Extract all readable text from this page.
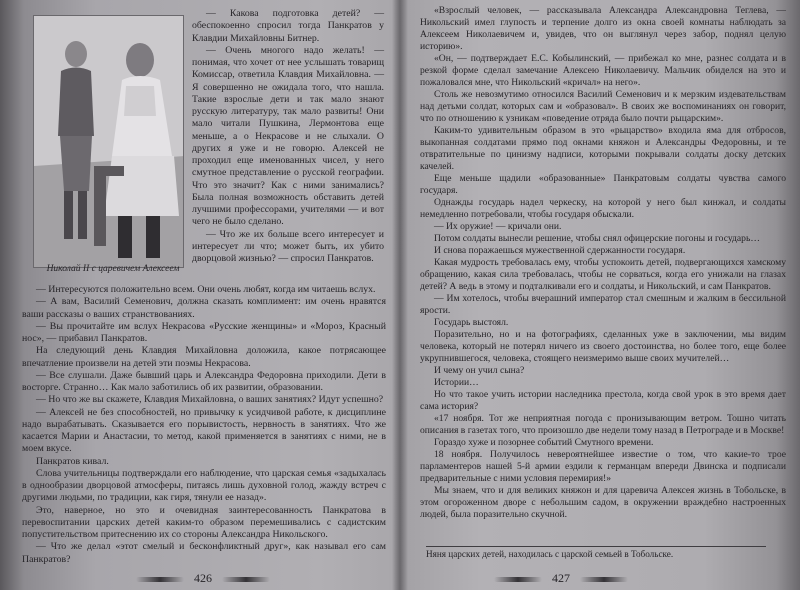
Николай II с царевичем Алексеем

— Какова подготовка детей? — обеспокоенно спросил тогда Панкратов у Клавдии Михайловны Битнер.

— Очень многого надо желать! — понимая, что хочет от нее услышать товарищ Комиссар, ответила Клавдия Михайловна. — Я совершенно не ожидала того, что нашла. Такие взрослые дети и так мало знают русскую литературу, так мало развиты! Они мало читали Пушкина, Лермонтова еще меньше, а о Некрасове и не слыхали. О других я уже и не говорю. Алексей не проходил еще именованных чисел, у него смутное представление о русской географии. Что это значит? Как с ними занимались? Была полная возможность обставить детей лучшими профессорами, учителями — и вот чего не было сделано.

— Что же их больше всего интересует и интересует ли что; может быть, их убито дворцовой жизнью? — спросил Панкратов.

— Интересуются положительно всем. Они очень любят, когда им читаешь вслух.

— А вам, Василий Семенович, должна сказать комплимент: им очень нравятся ваши рассказы о ваших странствованиях.

— Вы прочитайте им вслух Некрасова «Русские женщины» и «Мороз, Красный нос», — прибавил Панкратов.

На следующий день Клавдия Михайловна доложила, какое потрясающее впечатление произвели на детей эти поэмы Некрасова.

— Все слушали. Даже бывший царь и Александра Федоровна приходили. Дети в восторге. Странно… Как мало заботились об их развитии, образовании.

— Но что же вы скажете, Клавдия Михайловна, о ваших занятиях? Идут успешно?

— Алексей не без способностей, но привычку к усидчивой работе, к дисциплине надо вырабатывать. Сказывается его порывистость, нервность в занятиях. Что же касается Марии и Анастасии, то метод, какой применяется в занятиях с ними, не в моем вкусе.

Панкратов кивал.

Слова учительницы подтверждали его наблюдение, что царская семья «задыхалась в однообразии дворцовой атмосферы, питаясь лишь духовной голод, жажду встреч с другими людьми, по традиции, как гиря, тянули ее назад».

Это, наверное, но это и очевидная заинтересованность Панкратова в перевоспитании царских детей каким-то образом перемешивались с садистским попустительством притеснению их со стороны Александра Никольского.

— Что же делал «этот смелый и бесконфликтный друг», как называл его сам Панкратов?

426

«Взрослый человек, — рассказывала Александра Александровна Теглева, — Никольский имел глупость и терпение долго из окна своей комнаты наблюдать за Алексеем Николаевичем и, увидев, что он выглянул через забор, поднял целую историю».

«Он, — подтверждает Е.С. Кобылинский, — прибежал ко мне, разнес солдата и в резкой форме сделал замечание Алексею Николаевичу. Мальчик обиделся на это и пожаловался мне, что Никольский «кричал» на него».

Столь же невозмутимо относился Василий Семенович и к мерзким издевательствам над детьми солдат, которых сам и «образовал». В своих же воспоминаниях он говорит, что по отношению к узникам «поведение отряда было почти рыцарским».

Каким-то удивительным образом в это «рыцарство» входила яма для отбросов, выкопанная солдатами прямо под окнами княжон и Александры Федоровны, и те отвратительные по цинизму надписи, которыми покрывали солдаты доску детских качелей.

Еще меньше щадили «образованные» Панкратовым солдаты чувства самого государя.

Однажды государь надел черкеску, на которой у него был кинжал, и солдаты немедленно потребовали, чтобы государя обыскали.

— Их оружие! — кричали они.

Потом солдаты вынесли решение, чтобы снял офицерские погоны и государь…

И снова поражаешься мужественной сдержанности государя.

Какая мудрость требовалась ему, чтобы успокоить детей, подвергающихся хамскому обращению, какая сила требовалась, чтобы не сорваться, когда его унижали на глазах детей? А ведь в этому и подталкивали его и солдаты, и Никольский, и сам Панкратов.

— Им хотелось, чтобы вчерашний император стал смешным и жалким в бессильной ярости.

Государь выстоял.

Поразительно, но и на фотографиях, сделанных уже в заключении, мы видим человека, который не потерял ничего из своего достоинства, но более того, еще более укрупнившегося, человека, стоящего неизмеримо выше своих мучителей…

И чему он учил сына?

Истории…

Но что такое учить истории наследника престола, когда свой урок в это время дает сама история?

«17 ноября. Тот же неприятная погода с пронизывающим ветром. Тошно читать описания в газетах того, что произошло две недели тому назад в Петрограде и в Москве!

Гораздо хуже и позорнее событий Смутного времени.

18 ноября. Получилось невероятнейшее известие о том, что какие-то трое парламентеров нашей 5-й армии ездили к германцам впереди Двинска и подписали предварительные с ними условия перемирия!»

Мы знаем, что и для великих княжон и для царевича Алексея жизнь в Тобольске, в этом огороженном дворе с небольшим садом, в окружении враждебно настроенных людей, была поразительно скучной.

Няня царских детей, находилась с царской семьей в Тобольске.
427
